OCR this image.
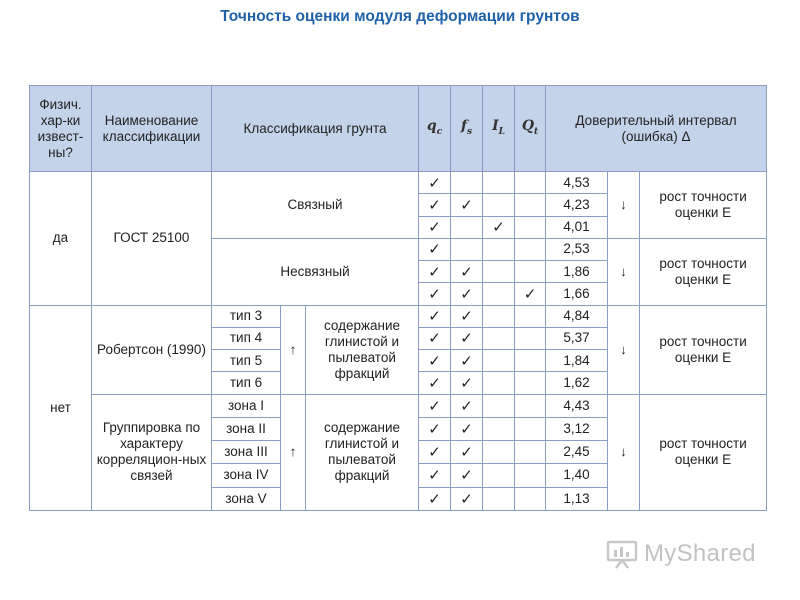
Точность оценки модуля деформации грунтов
Физич. хар-ки извест-ны?	Наименование классификации	Классификация грунта			$q_c$	$f_s$	$I_L$	$Q_t$	Доверительный интервал (ошибка) Δ		
да	ГОСТ 25100	Связный			✓				4,53	↓	рост точности оценки Е
					✓	✓			4,23		
					✓		✓		4,01		
		Несвязный			✓				2,53	↓	рост точности оценки Е
					✓	✓			1,86		
					✓	✓		✓	1,66		
нет	Робертсон (1990)	тип 3	↑	содержание глинистой и пылеватой фракций	✓	✓			4,84	↓	рост точности оценки Е
		тип 4			✓	✓			5,37		
		тип 5			✓	✓			1,84		
		тип 6			✓	✓			1,62		
	Группировка по характеру корреляцион-ных связей	зона I	↑	содержание глинистой и пылеватой фракций	✓	✓			4,43	↓	рост точности оценки Е
		зона II			✓	✓			3,12		
		зона III			✓	✓			2,45		
		зона IV			✓	✓			1,40		
		зона V			✓	✓			1,13		
MyShared
